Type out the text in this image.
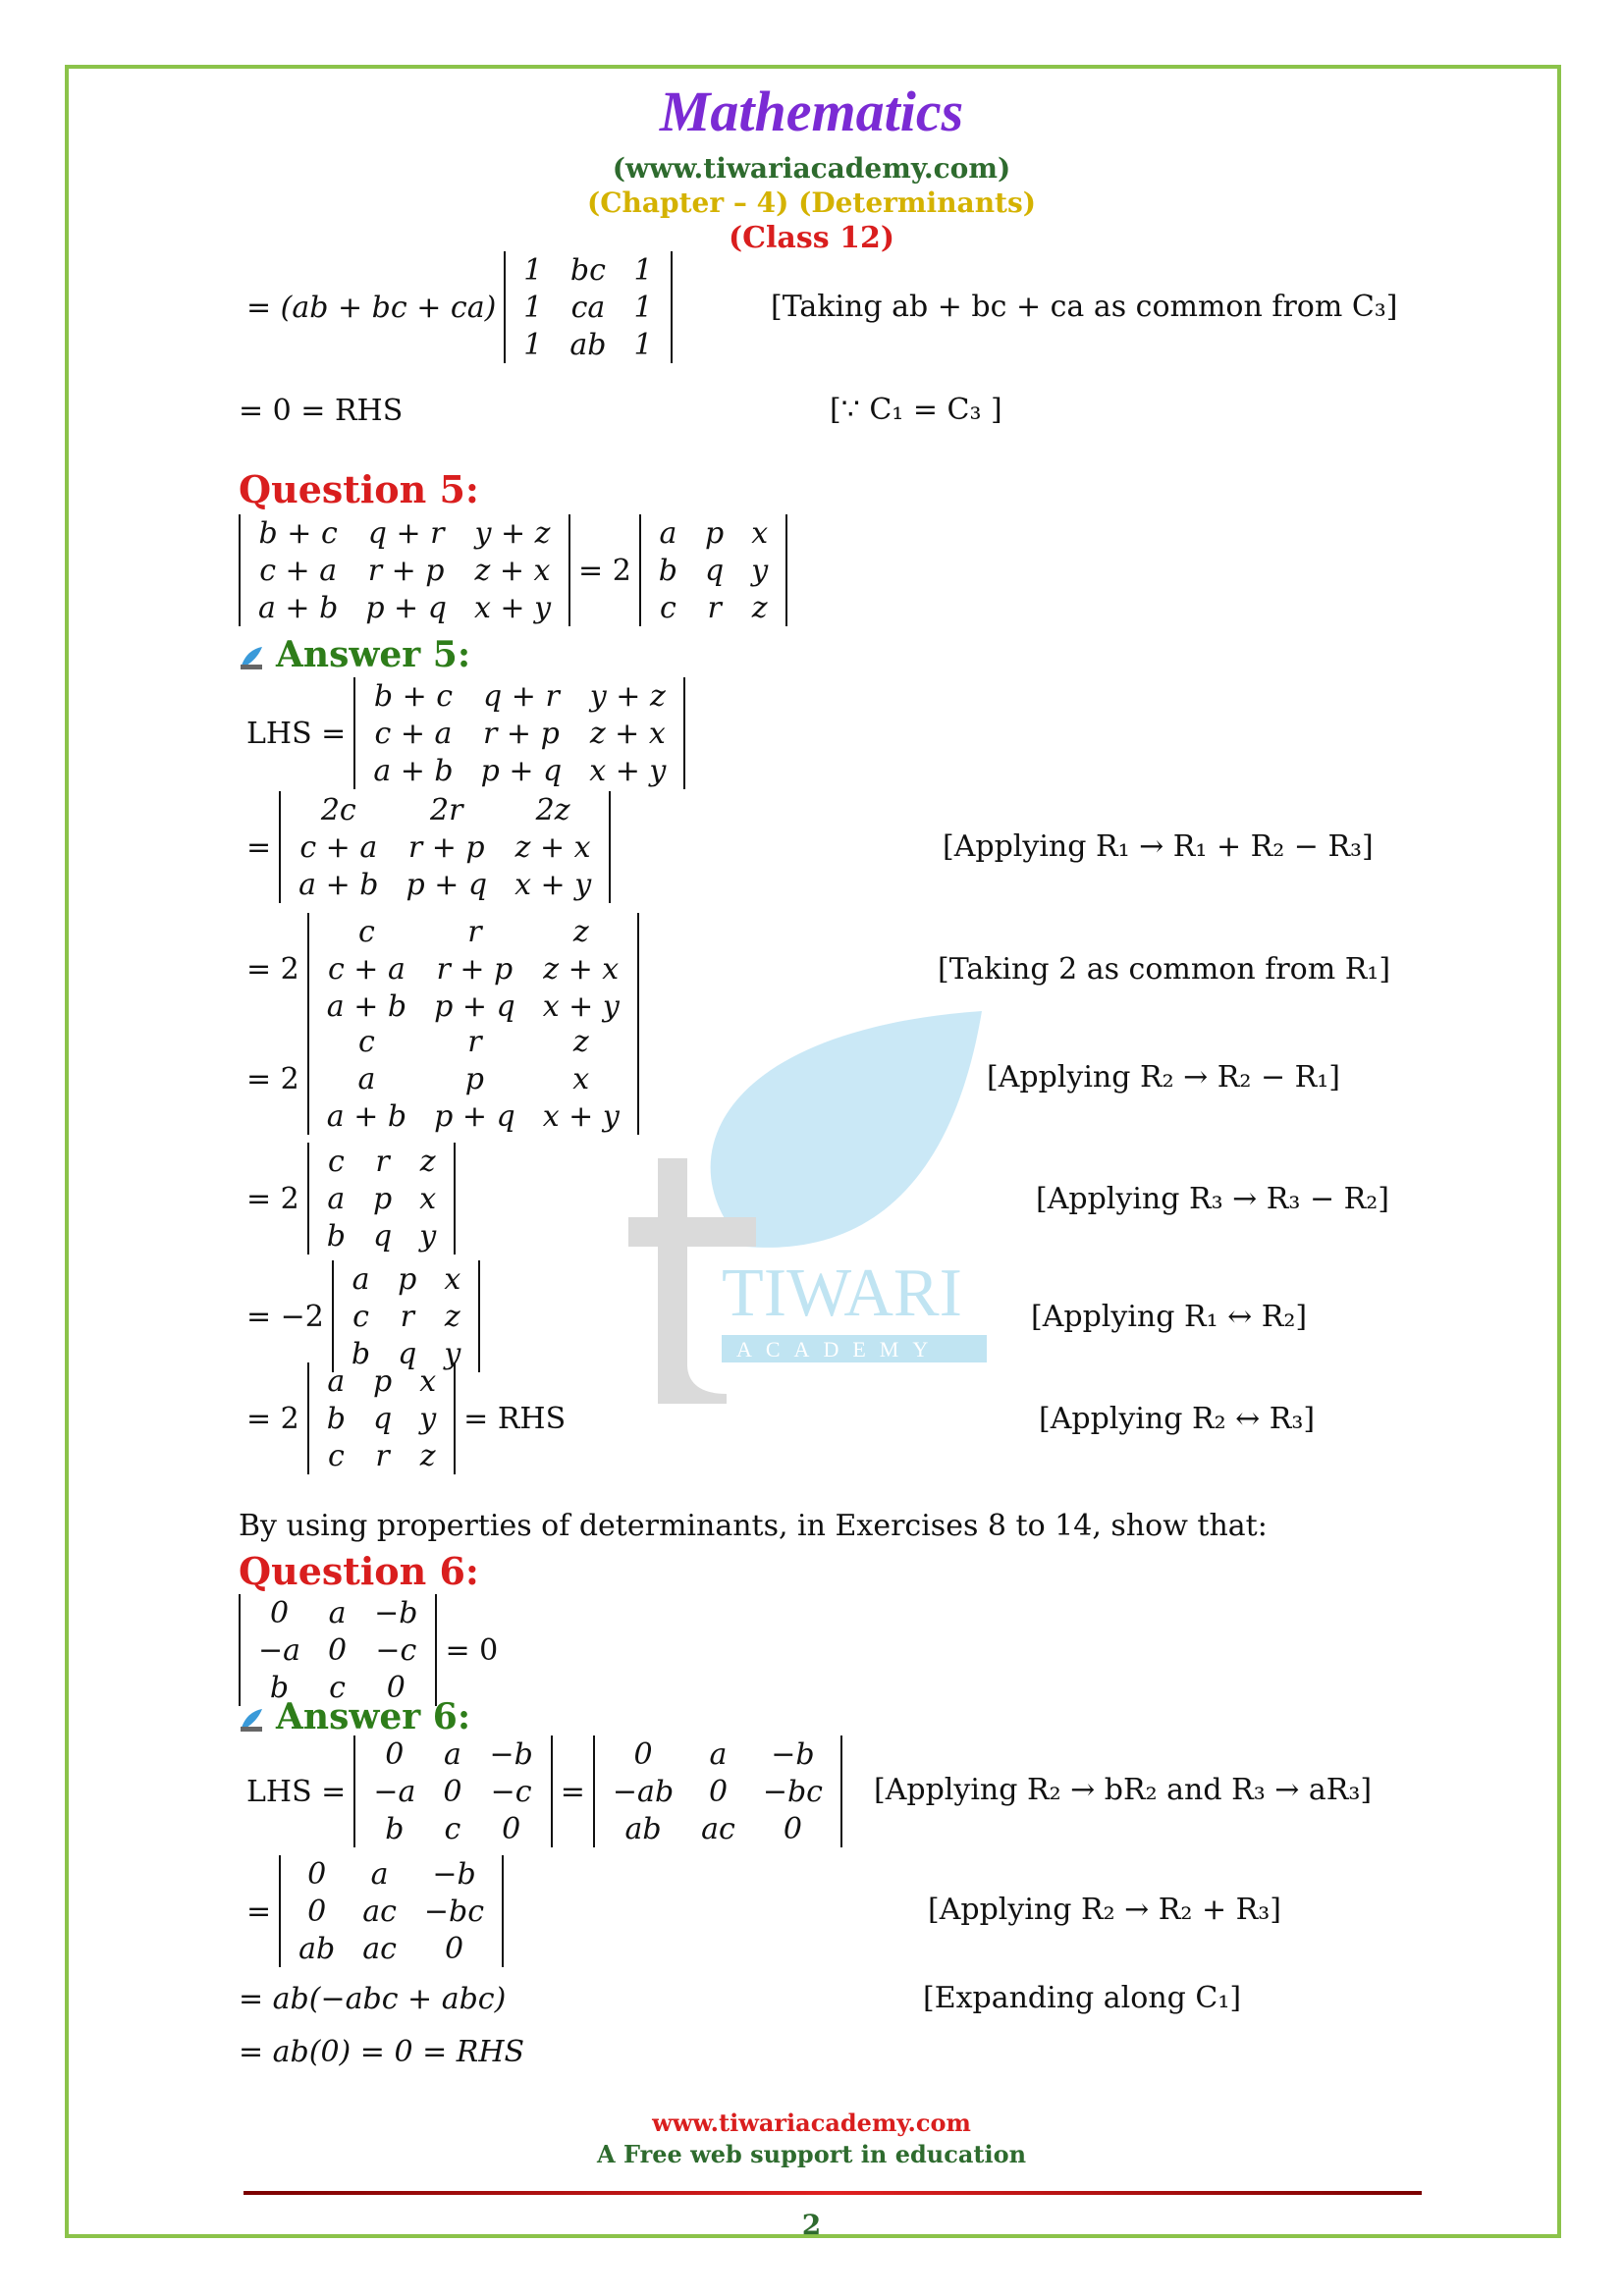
Mathematics
(www.tiwariacademy.com)
(Chapter – 4) (Determinants)
(Class 12)
TIWARI
ACADEMY
= (ab + bc + ca)
1	bc	1
1	ca	1
1	ab	1
[Taking ab + bc + ca as common from C₃]
= 0 = RHS	[∵ C₁ = C₃ ]
Question 5:
b + c	q + r	y + z
c + a	r + p	z + x
a + b	p + q	x + y
= 2
a	p	x
b	q	y
c	r	z
Answer 5:
LHS =
b + c	q + r	y + z
c + a	r + p	z + x
a + b	p + q	x + y
=
2c	2r	2z
c + a	r + p	z + x
a + b	p + q	x + y
[Applying R₁ → R₁ + R₂ − R₃]
= 2
c	r	z
c + a	r + p	z + x
a + b	p + q	x + y
[Taking 2 as common from R₁]
= 2
c	r	z
a	p	x
a + b	p + q	x + y
[Applying R₂ → R₂ − R₁]
= 2
c	r	z
a	p	x
b	q	y
[Applying R₃ → R₃ − R₂]
= −2
a	p	x
c	r	z
b	q	y
[Applying R₁ ↔ R₂]
= 2
a	p	x
b	q	y
c	r	z
= RHS	[Applying R₂ ↔ R₃]
By using properties of determinants, in Exercises 8 to 14, show that:
Question 6:
0	a	−b
−a	0	−c
b	c	0
= 0
Answer 6:
LHS =
0	a	−b
−a	0	−c
b	c	0
=
0	a	−b
−ab	0	−bc
ab	ac	0
[Applying R₂ → bR₂ and R₃ → aR₃]
=
0	a	−b
0	ac	−bc
ab	ac	0
[Applying R₂ → R₂ + R₃]
= ab(−abc + abc)	[Expanding along C₁]
= ab(0) = 0 = RHS
www.tiwariacademy.com
A Free web support in education
2
